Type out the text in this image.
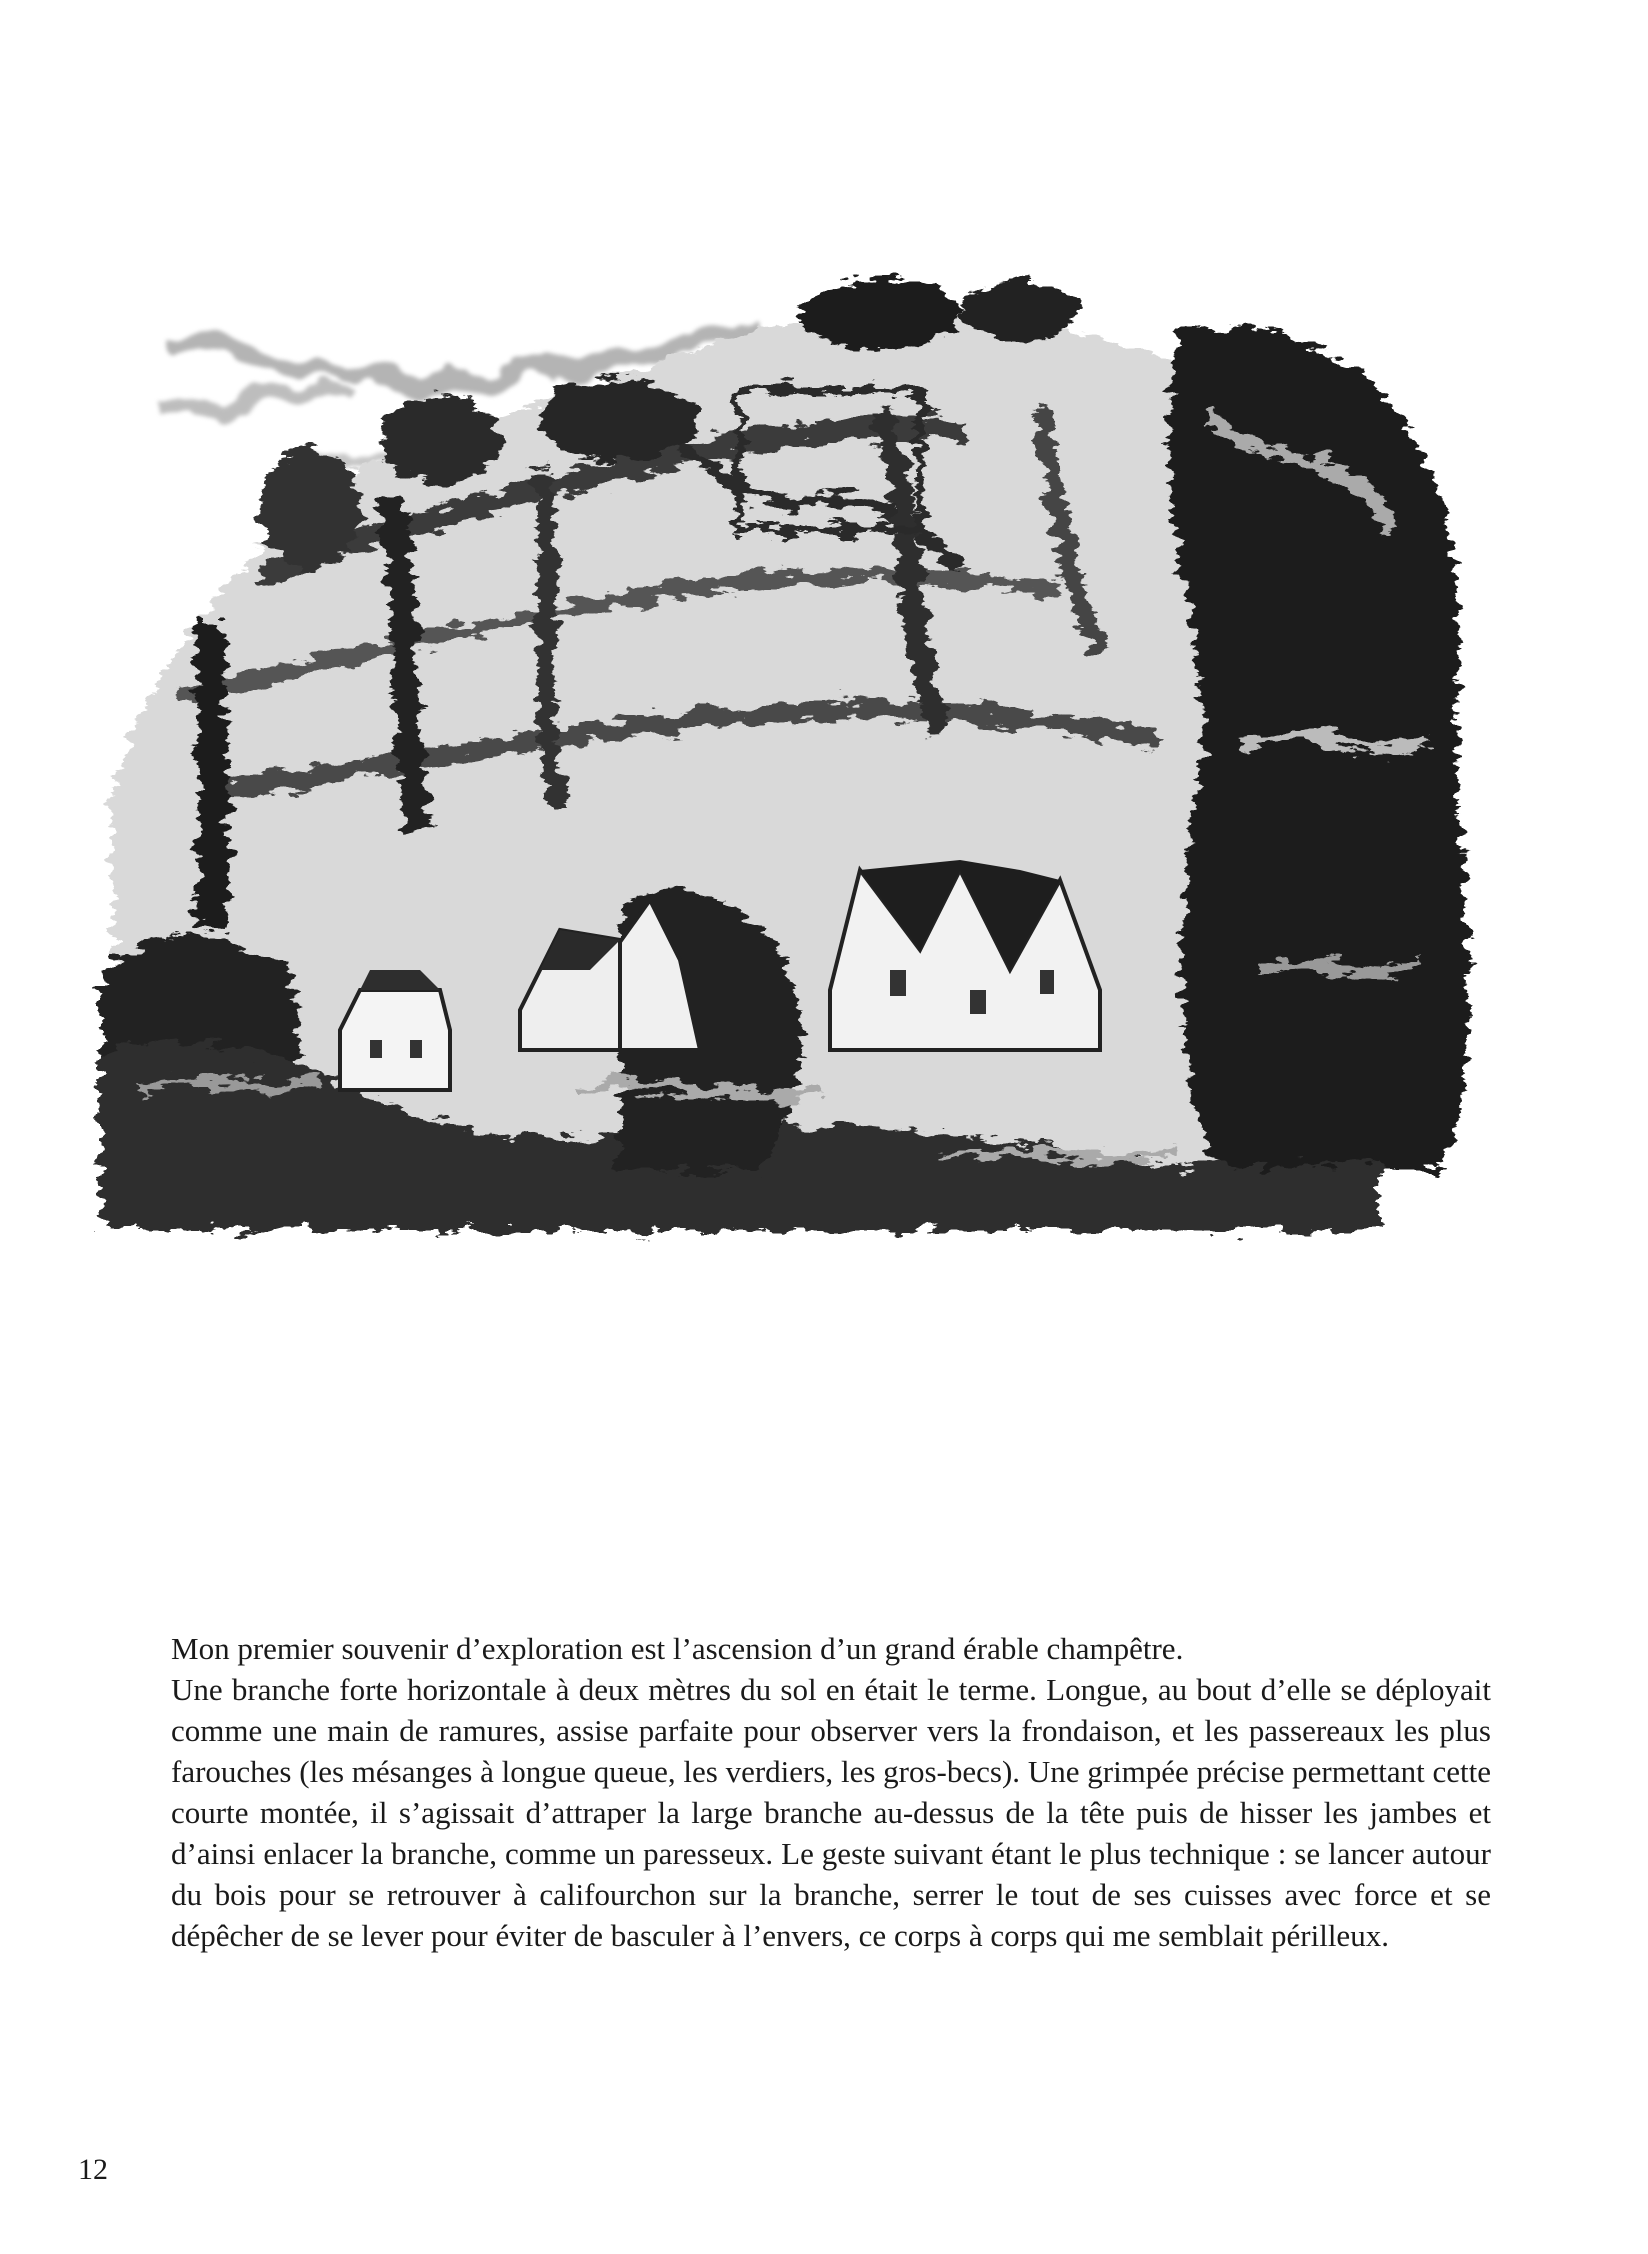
Mon premier souvenir d’exploration est l’ascension d’un grand érable champêtre.

Une branche forte horizontale à deux mètres du sol en était le terme. Longue, au bout d’elle se déployait comme une main de ramures, assise parfaite pour observer vers la frondaison, et les passereaux les plus farouches (les mésanges à longue queue, les verdiers, les gros-becs). Une grimpée précise permettant cette courte montée, il s’agissait d’attraper la large branche au-dessus de la tête puis de hisser les jambes et d’ainsi enlacer la branche, comme un paresseux. Le geste suivant étant le plus technique : se lancer autour du bois pour se retrouver à califourchon sur la branche, serrer le tout de ses cuisses avec force et se dépêcher de se lever pour éviter de basculer à l’envers, ce corps à corps qui me semblait périlleux.

12
